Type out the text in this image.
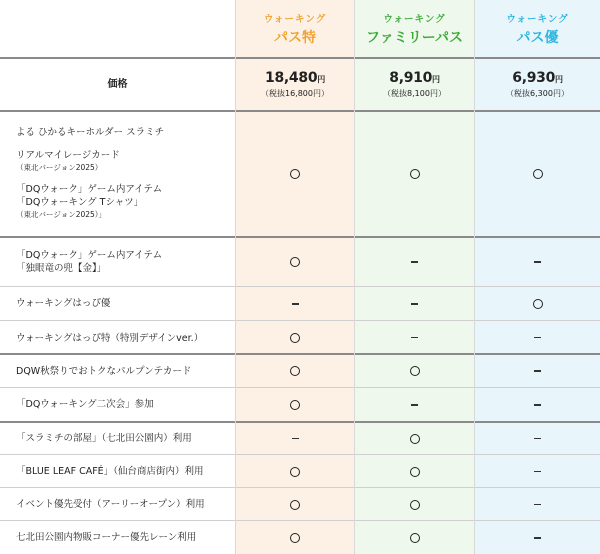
ウォーキング
パス特
ウォーキング
ファミリーパス
ウォーキング
パス優
価格	18,480円
（税抜16,800円）
8,910円
（税抜8,100円）
6,930円
（税抜6,300円）
よる ひかるキーホルダー スラミチ
リアルマイレージカード
（東北バージョン2025）
「DQウォーク」ゲーム内アイテム
「DQウォーキング Tシャツ」
（東北バージョン2025）」
「DQウォーク」ゲーム内アイテム
「独眼竜の兜【金】」
ウォーキングはっぴ優
ウォーキングはっぴ特（特別デザインver.）
DQW秋祭りでおトクなパルプンテカード
「DQウォーキング二次会」参加
「スラミチの部屋」（七北田公園内）利用
「BLUE LEAF CAFÉ」（仙台商店街内）利用
イベント優先受付（アーリーオープン）利用
七北田公園内物販コーナー優先レーン利用
